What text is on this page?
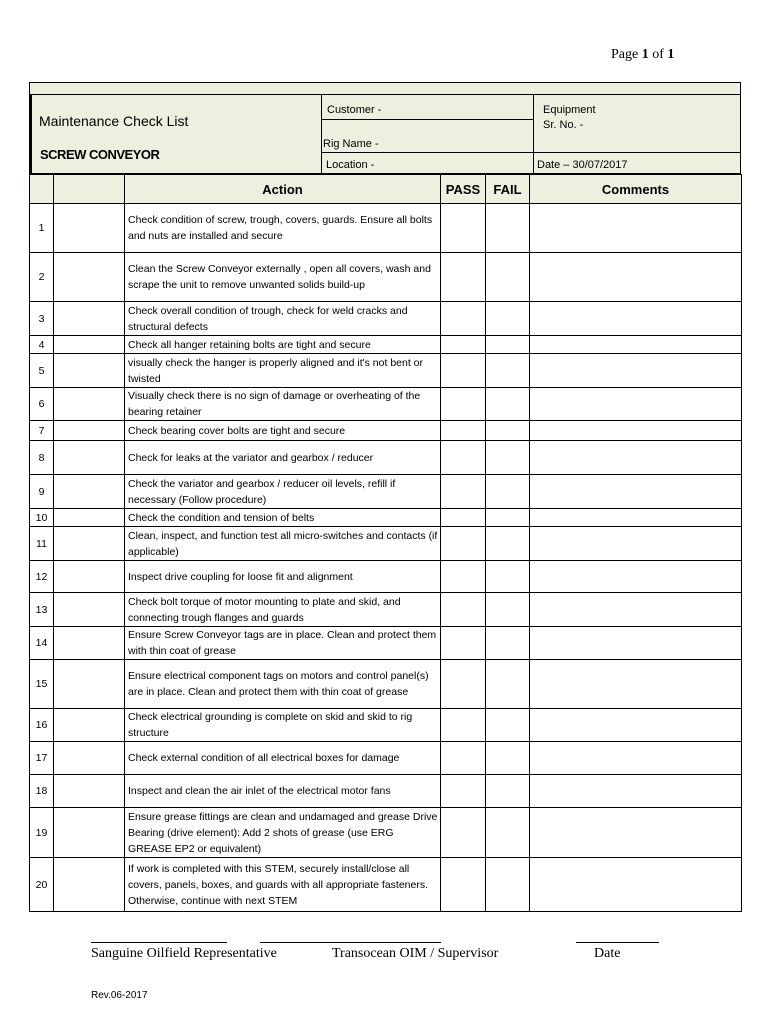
Page 1 of 1
Maintenance Check List
SCREW CONVEYOR
Customer -
Rig Name -
Location -
Equipment
Sr. No. -
Date – 30/07/2017
		Action	PASS	FAIL	Comments
1		Check condition of screw, trough, covers, guards. Ensure all bolts and nuts are installed and secure			
2		Clean the Screw Conveyor externally , open all covers, wash and scrape the unit to remove unwanted solids build-up			
3		Check overall condition of trough, check for weld cracks and structural defects			
4		Check all hanger retaining bolts are tight and secure			
5		visually check the hanger is properly aligned and it's not bent or twisted			
6		Visually check there is no sign of damage or overheating of the bearing retainer			
7		Check bearing cover bolts are tight and secure			
8		Check for leaks at the variator and gearbox / reducer			
9		Check the variator and gearbox / reducer oil levels, refill if necessary (Follow procedure)			
10		Check the condition and tension of belts			
11		Clean, inspect, and function test all micro-switches and contacts (if applicable)			
12		Inspect drive coupling for loose fit and alignment			
13		Check bolt torque of motor mounting to plate and skid, and connecting trough flanges and guards			
14		Ensure Screw Conveyor tags are in place. Clean and protect them with thin coat of grease			
15		Ensure electrical component tags on motors and control panel(s) are in place. Clean and protect them with thin coat of grease			
16		Check electrical grounding is complete on skid and skid to rig structure			
17		Check external condition of all electrical boxes for damage			
18		Inspect and clean the air inlet of the electrical motor fans			
19		Ensure grease fittings are clean and undamaged and grease Drive Bearing (drive element): Add 2 shots of grease (use ERG GREASE EP2 or equivalent)			
20		If work is completed with this STEM, securely install/close all covers, panels, boxes, and guards with all appropriate fasteners. Otherwise, continue with next STEM			
Sanguine Oilfield Representative	Transocean OIM / Supervisor	Date
Rev.06-2017
